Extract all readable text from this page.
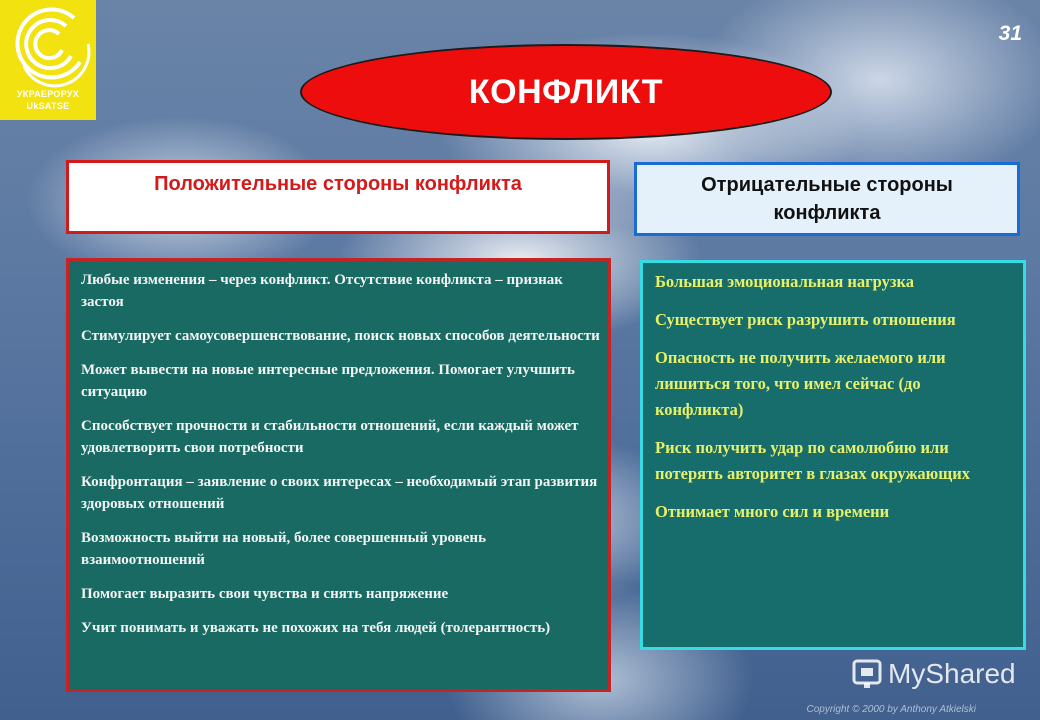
УКРАЕРОРУХ
UkSATSE
31
КОНФЛИКТ
Положительные стороны конфликта	Отрицательные стороны
конфликта
Любые изменения – через конфликт. Отсутствие конфликта – признак застоя
Стимулирует самоусовершенствование, поиск новых способов деятельности
Может вывести на новые интересные предложения. Помогает улучшить ситуацию
Способствует прочности и стабильности отношений, если каждый может удовлетворить свои потребности
Конфронтация – заявление о своих интересах – необходимый этап развития здоровых отношений
Возможность выйти на новый, более совершенный уровень взаимоотношений
Помогает выразить свои чувства и снять напряжение
Учит понимать и уважать не похожих на тебя людей (толерантность)
Большая эмоциональная нагрузка
Существует риск разрушить отношения
Опасность не получить желаемого или лишиться того, что имел сейчас (до конфликта)
Риск получить удар по самолюбию или потерять авторитет в глазах окружающих
Отнимает много сил и времени
MyShared
Copyright © 2000 by Anthony Atkielski
